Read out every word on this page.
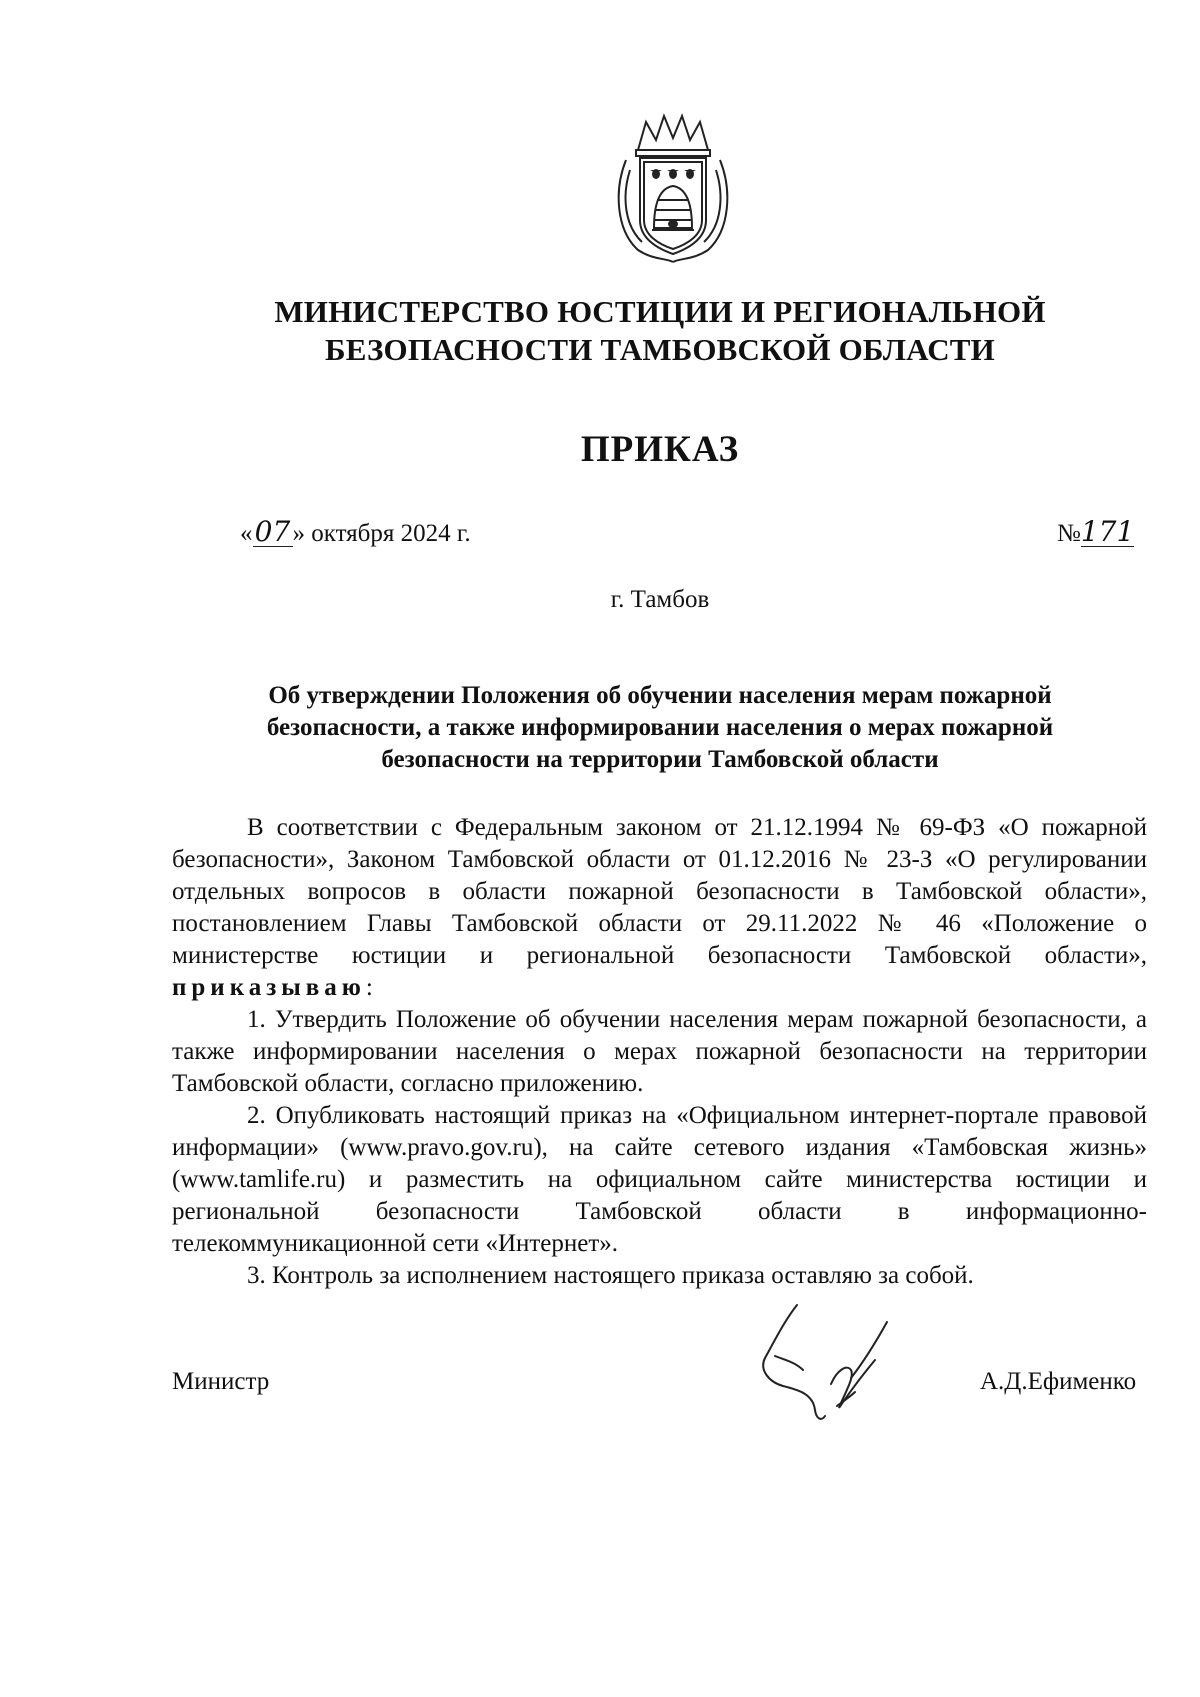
МИНИСТЕРСТВО ЮСТИЦИИ И РЕГИОНАЛЬНОЙ
БЕЗОПАСНОСТИ ТАМБОВСКОЙ ОБЛАСТИ
ПРИКАЗ
«07» октября 2024 г.	№171
г. Тамбов
Об утверждении Положения об обучении населения мерам пожарной
безопасности, а также информировании населения о мерах пожарной
безопасности на территории Тамбовской области

В соответствии с Федеральным законом от 21.12.1994 № 69-ФЗ «О пожарной безопасности», Законом Тамбовской области от 01.12.2016 № 23-З «О регулировании отдельных вопросов в области пожарной безопасности в Тамбовской области», постановлением Главы Тамбовской области от 29.11.2022 № 46 «Положение о министерстве юстиции и региональной безопасности Тамбовской области», приказываю:

1. Утвердить Положение об обучении населения мерам пожарной безопасности, а также информировании населения о мерах пожарной безопасности на территории Тамбовской области, согласно приложению.

2. Опубликовать настоящий приказ на «Официальном интернет-портале правовой информации» (www.pravo.gov.ru), на сайте сетевого издания «Тамбовская жизнь» (www.tamlife.ru) и разместить на официальном сайте министерства юстиции и региональной безопасности Тамбовской области в информационно-телекоммуникационной сети «Интернет».

3. Контроль за исполнением настоящего приказа оставляю за собой.

Министр	А.Д.Ефименко
